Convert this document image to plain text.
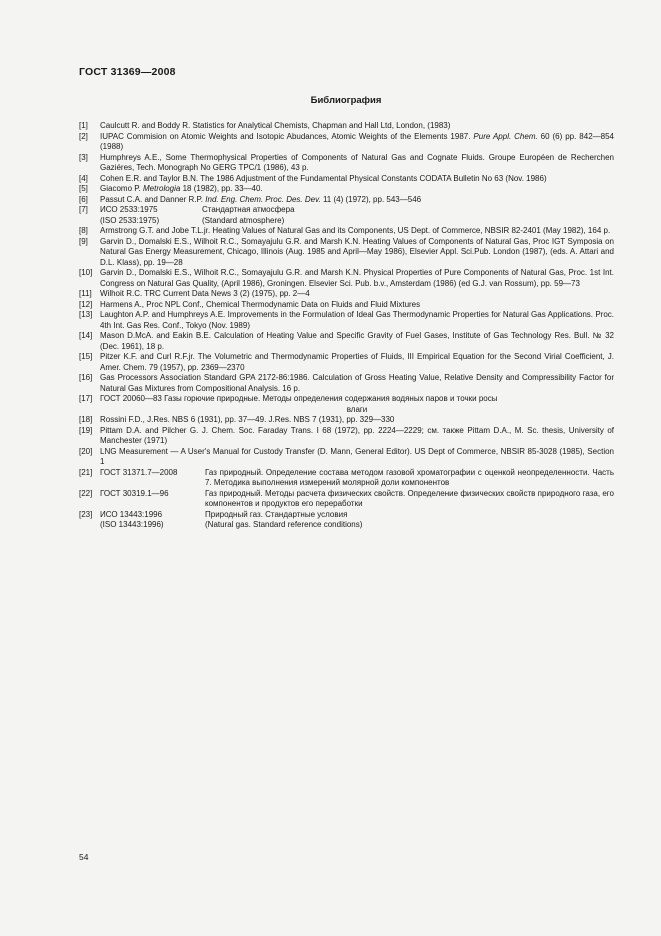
ГОСТ 31369—2008
Библиография
[1]	Caulcutt R. and Boddy R. Statistics for Analytical Chemists, Chapman and Hall Ltd, London, (1983)
[2]	IUPAC Commision on Atomic Weights and Isotopic Abudances, Atomic Weights of the Elements 1987. Pure Appl. Chem. 60 (6) pp. 842—854 (1988)
[3]	Humphreys A.E., Some Thermophysical Properties of Components of Natural Gas and Cognate Fluids. Groupe Européen de Recherchen Gaziéres, Tech. Monograph No GERG TPC/1 (1986), 43 p.
[4]	Cohen E.R. and Taylor B.N. The 1986 Adjustment of the Fundamental Physical Constants CODATA Bulletin No 63 (Nov. 1986)
[5]	Giacomo P. Metrologia 18 (1982), pp. 33—40.
[6]	Passut C.A. and Danner R.P. Ind. Eng. Chem. Proc. Des. Dev. 11 (4) (1972), pp. 543—546
[7]	ИСО 2533:1975	Стандартная атмосфера
(ISO 2533:1975)	(Standard atmosphere)
[8]	Armstrong G.T. and Jobe T.L.jr. Heating Values of Natural Gas and its Components, US Dept. of Commerce, NBSIR 82-2401 (May 1982), 164 p.
[9]	Garvin D., Domalski E.S., Wilhoit R.C., Somayajulu G.R. and Marsh K.N. Heating Values of Components of Natural Gas, Proc IGT Symposia on Natural Gas Energy Measurement, Chicago, Illinois (Aug. 1985 and April—May 1986), Elsevier Appl. Sci.Pub. London (1987), (eds. A. Attari and D.L. Klass), pp. 19—28
[10] Garvin D., Domalski E.S., Wilhoit R.C., Somayajulu G.R. and Marsh K.N. Physical Properties of Pure Components of Natural Gas, Proc. 1st Int. Congress on Natural Gas Quality, (April 1986), Groningen. Elsevier Sci. Pub. b.v., Amsterdam (1986) (ed G.J. van Rossum), pp. 59—73
[11]	Wilhoit R.C. TRC Current Data News 3 (2) (1975), pp. 2—4
[12] Harmens A., Proc NPL Conf., Chemical Thermodynamic Data on Fluids and Fluid Mixtures
[13] Laughton A.P. and Humphreys A.E. Improvements in the Formulation of Ideal Gas Thermodynamic Properties for Natural Gas Applications. Proc. 4th Int. Gas Res. Conf., Tokyo (Nov. 1989)
[14] Mason D.McA. and Eakin B.E. Calculation of Heating Value and Specific Gravity of Fuel Gases, Institute of Gas Technology Res. Bull. № 32 (Dec. 1961), 18 p.
[15] Pitzer K.F. and Curl R.F.jr. The Volumetric and Thermodynamic Properties of Fluids, III Empirical Equation for the Second Virial Coefficient, J. Amer. Chem. 79 (1957), pp. 2369—2370
[16] Gas Processors Association Standard GPA 2172-86:1986. Calculation of Gross Heating Value, Relative Density and Compressibility Factor for Natural Gas Mixtures from Compositional Analysis. 16 p.
[17] ГОСТ 20060—83 Газы горючие природные. Методы определения содержания водяных паров и точки росы
влаги
[18] Rossini F.D., J.Res. NBS 6 (1931), pp. 37—49. J.Res. NBS 7 (1931), pp. 329—330
[19] Pittam D.A. and Pilcher G. J. Chem. Soc. Faraday Trans. I 68 (1972), pp. 2224—2229; см. также Pittam D.A., M. Sc. thesis, University of Manchester (1971)
[20] LNG Measurement — A User's Manual for Custody Transfer (D. Mann, General Editor). US Dept of Commerce, NBSIR 85-3028 (1985), Section 1
[21] ГОСТ 31371.7—2008	Газ природный. Определение состава методом газовой хроматографии с оценкой неопределенности. Часть 7. Методика выполнения измерений молярной доли компонентов
[22] ГОСТ 30319.1—96	Газ природный. Методы расчета физических свойств. Определение физических свойств природного газа, его компонентов и продуктов его переработки
[23] ИСО 13443:1996	Природный газ. Стандартные условия
(ISO 13443:1996)	(Natural gas. Standard reference conditions)
54
